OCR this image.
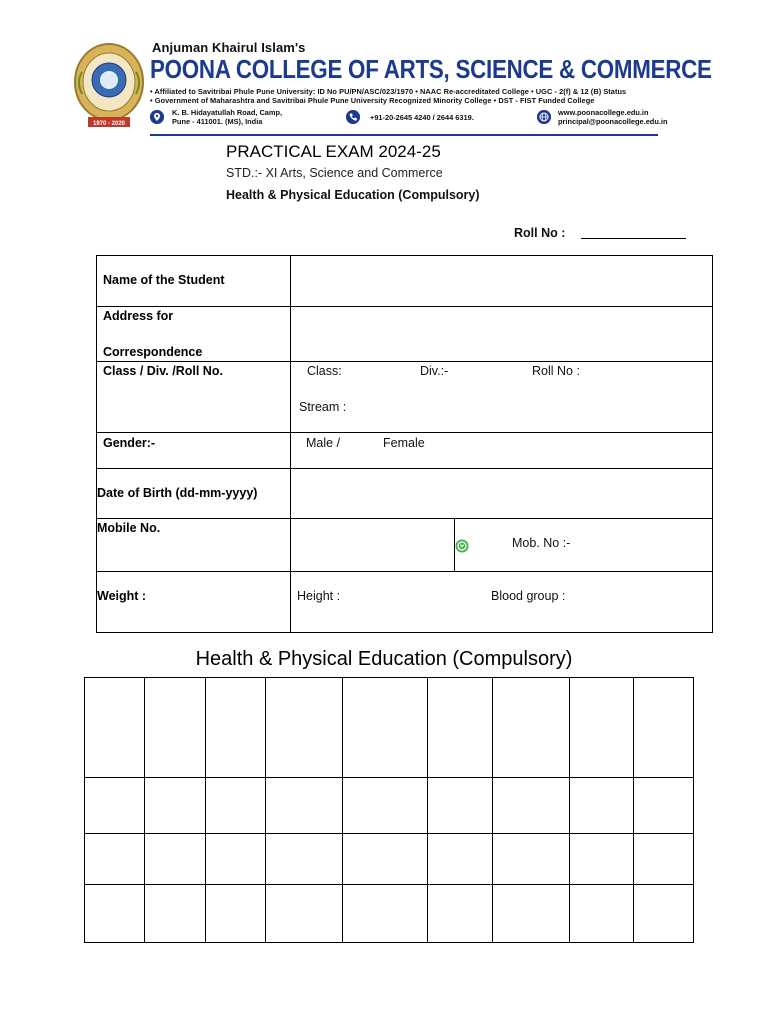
1970 - 2020
Anjuman Khairul Islam's
POONA COLLEGE OF ARTS, SCIENCE & COMMERCE
• Affiliated to Savitribai Phule Pune University: ID No PU/PN/ASC/023/1970 • NAAC Re-accreditated College • UGC - 2(f) & 12 (B) Status
• Government of Maharashtra and Savitribai Phule Pune University Recognized Minority College • DST - FIST Funded College
K. B. Hidayatullah Road, Camp,
Pune - 411001. (MS), India	+91-20-2645 4240 / 2644 6319.
www.poonacollege.edu.in
principal@poonacollege.edu.in
PRACTICAL EXAM 2024-25
STD.:- XI Arts, Science and Commerce
Health & Physical Education (Compulsory)
Roll No :
Name of the Student
Address for
Correspondence
Class / Div. /Roll No.	Class:	Div.:-	Roll No :
Stream :
Gender:-	Male /	Female
Date of Birth (dd-mm-yyyy)
Mobile No.
Mob. No :-
Weight :	Height :	Blood group :
Health & Physical Education (Compulsory)
